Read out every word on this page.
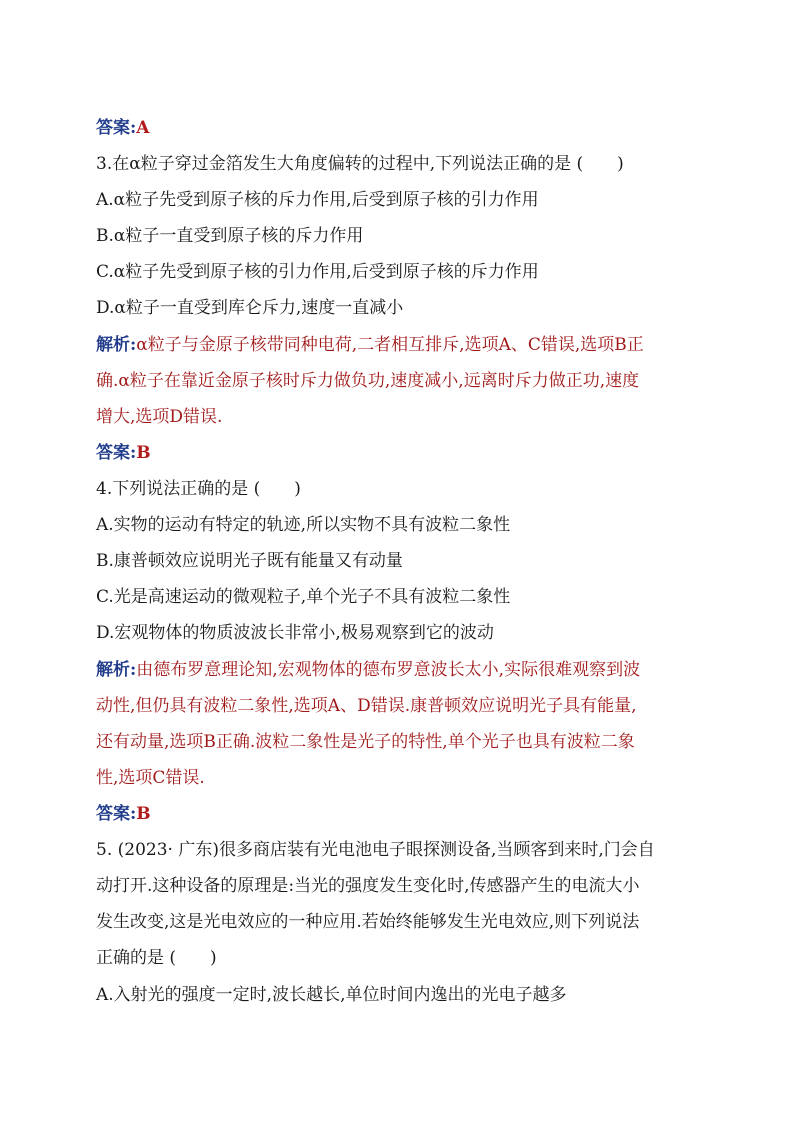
答案:A
3.在α粒子穿过金箔发生大角度偏转的过程中,下列说法正确的是 (　　)
A.α粒子先受到原子核的斥力作用,后受到原子核的引力作用
B.α粒子一直受到原子核的斥力作用
C.α粒子先受到原子核的引力作用,后受到原子核的斥力作用
D.α粒子一直受到库仑斥力,速度一直减小
解析:α粒子与金原子核带同种电荷,二者相互排斥,选项A、C错误,选项B正
确.α粒子在靠近金原子核时斥力做负功,速度减小,远离时斥力做正功,速度
增大,选项D错误.
答案:B
4.下列说法正确的是 (　　)
A.实物的运动有特定的轨迹,所以实物不具有波粒二象性
B.康普顿效应说明光子既有能量又有动量
C.光是高速运动的微观粒子,单个光子不具有波粒二象性
D.宏观物体的物质波波长非常小,极易观察到它的波动
解析:由德布罗意理论知,宏观物体的德布罗意波长太小,实际很难观察到波
动性,但仍具有波粒二象性,选项A、D错误.康普顿效应说明光子具有能量,
还有动量,选项B正确.波粒二象性是光子的特性,单个光子也具有波粒二象
性,选项C错误.
答案:B
5. (2023· 广东)很多商店装有光电池电子眼探测设备,当顾客到来时,门会自
动打开.这种设备的原理是:当光的强度发生变化时,传感器产生的电流大小
发生改变,这是光电效应的一种应用.若始终能够发生光电效应,则下列说法
正确的是 (　　)
A.入射光的强度一定时,波长越长,单位时间内逸出的光电子越多
